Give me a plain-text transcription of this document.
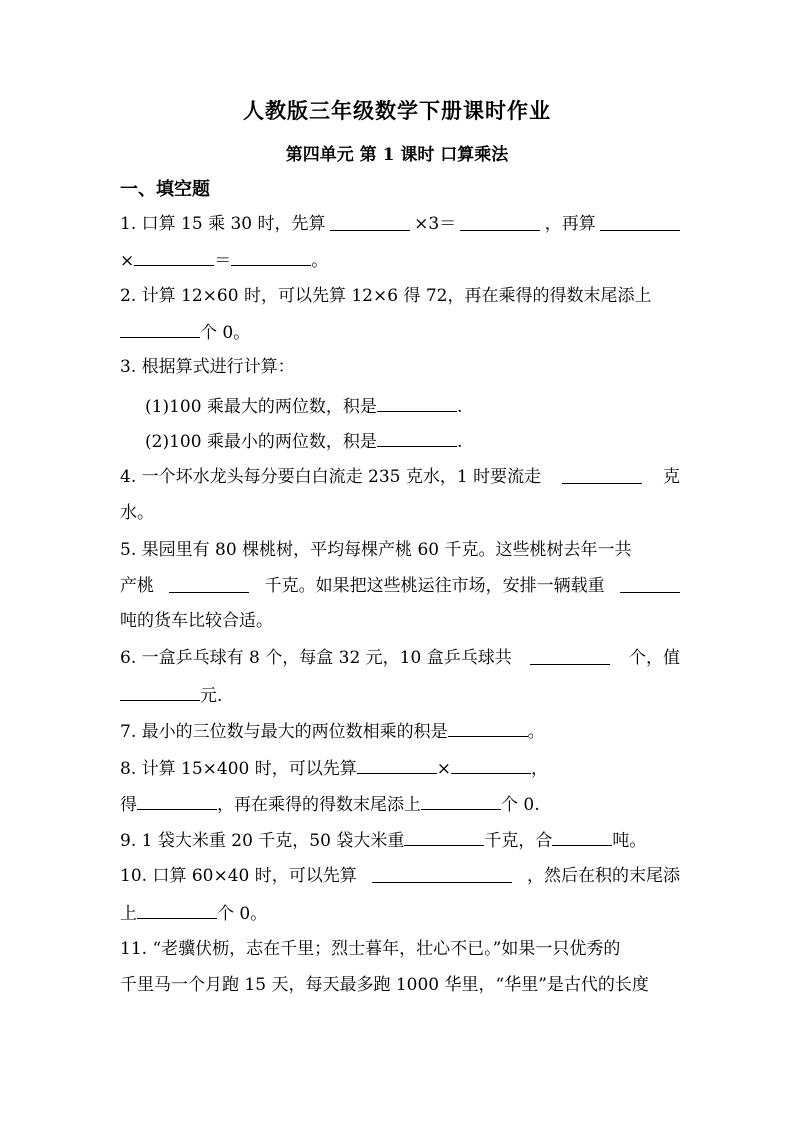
人教版三年级数学下册课时作业
第四单元 第 1 课时 口算乘法
一、填空题
1. 口算 15 乘 30 时，先算	×3＝	，再算
×	＝	。
2. 计算 12×60 时，可以先算 12×6 得 72，再在乘得的得数末尾添上
个 0。
3. 根据算式进行计算：
(1)100 乘最大的两位数，积是	.
(2)100 乘最小的两位数，积是	.
4. 一个坏水龙头每分要白白流走 235 克水，1 时要流走	克
水。
5. 果园里有 80 棵桃树，平均每棵产桃 60 千克。这些桃树去年一共
产桃	千克。如果把这些桃运往市场，安排一辆载重
吨的货车比较合适。
6. 一盒乒乓球有 8 个，每盒 32 元，10 盒乒乓球共	个，值
元.
7. 最小的三位数与最大的两位数相乘的积是	。
8. 计算 15×400 时，可以先算	×	，
得	，再在乘得的得数末尾添上	个 0.
9. 1 袋大米重 20 千克，50 袋大米重	千克，合	吨。
10. 口算 60×40 时，可以先算	，然后在积的末尾添
上	个 0。
11. “老骥伏枥，志在千里；烈士暮年，壮心不已。”如果一只优秀的
千里马一个月跑 15 天，每天最多跑 1000 华里，“华里”是古代的长度
